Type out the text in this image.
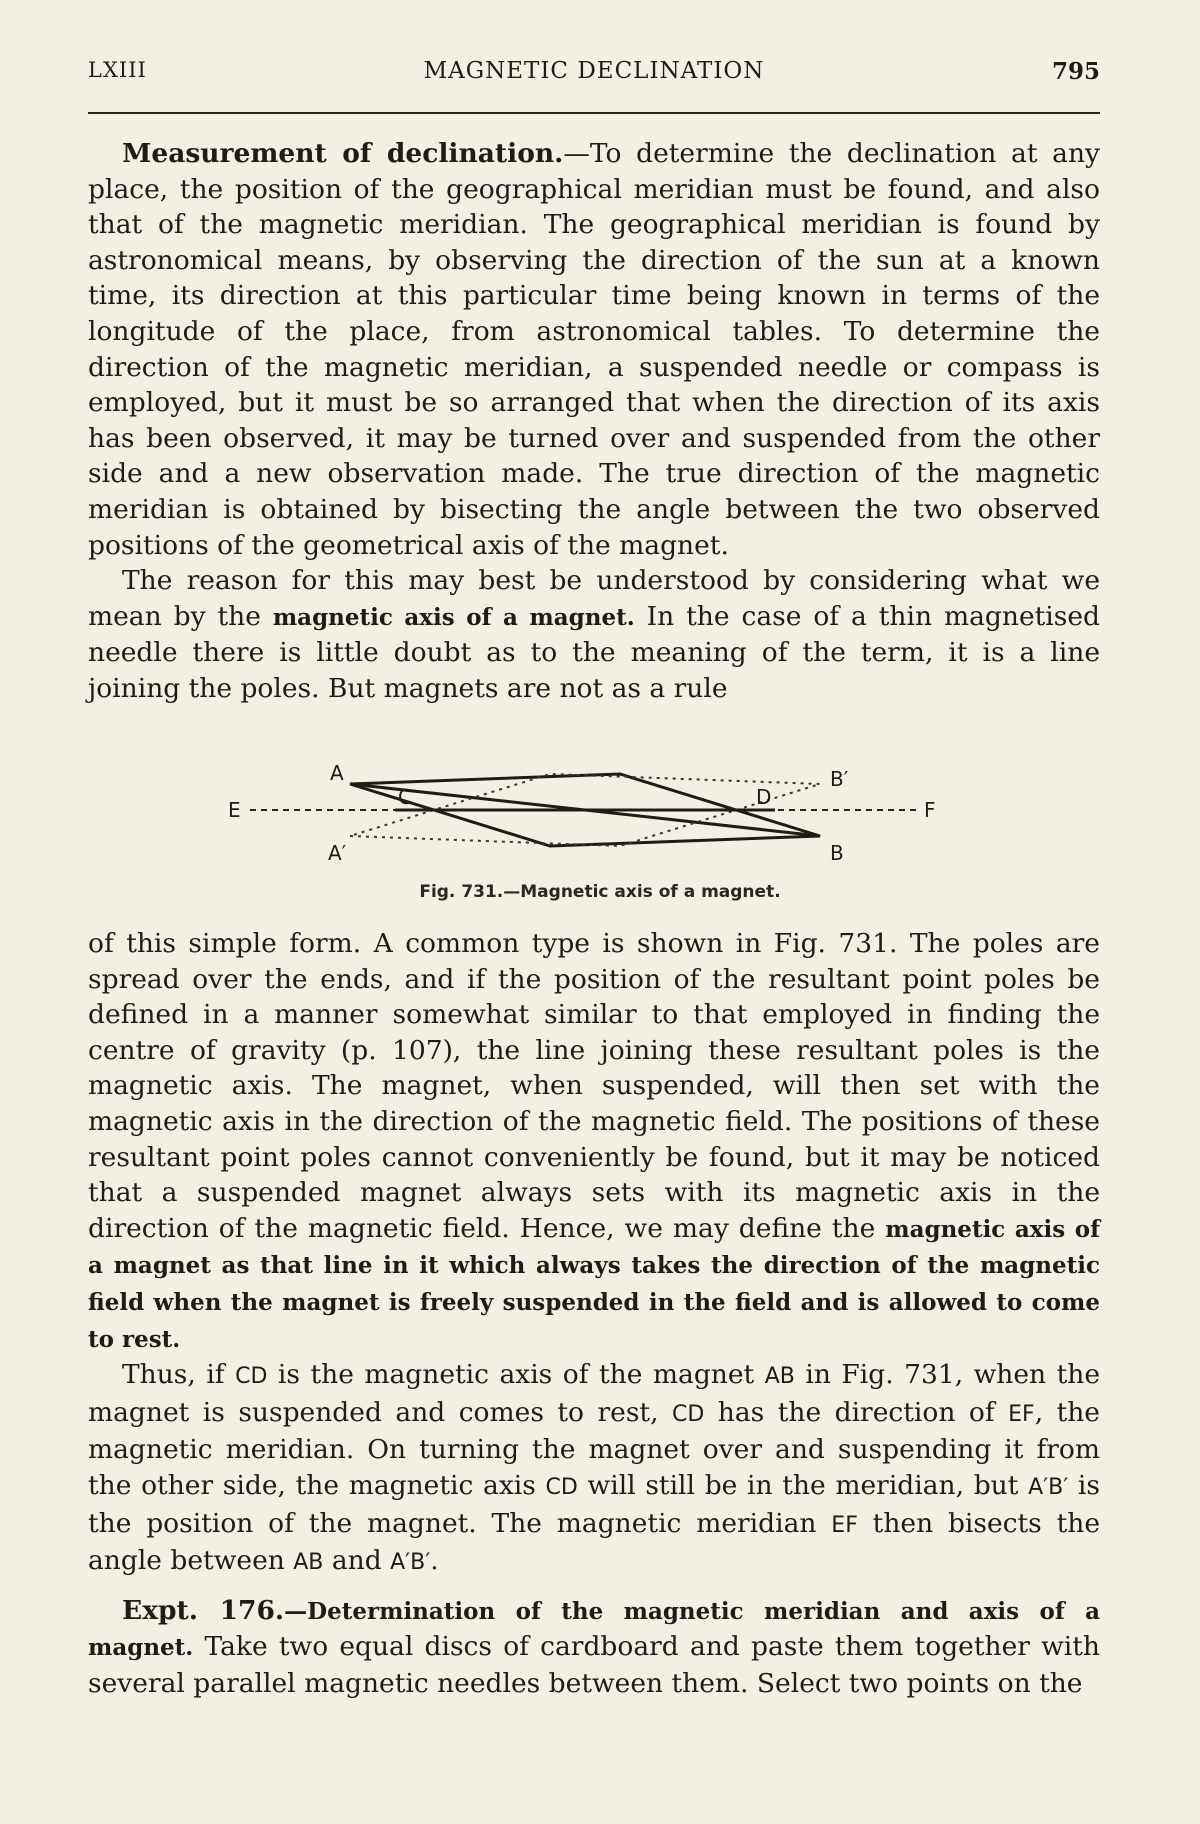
LXIII	MAGNETIC DECLINATION	795

Measurement of declination.—To determine the declination at any place, the position of the geographical meridian must be found, and also that of the magnetic meridian. The geographical meridian is found by astronomical means, by observing the direction of the sun at a known time, its direction at this particular time being known in terms of the longitude of the place, from astronomical tables. To determine the direction of the magnetic meridian, a suspended needle or compass is employed, but it must be so arranged that when the direction of its axis has been observed, it may be turned over and suspended from the other side and a new observation made. The true direction of the magnetic meridian is obtained by bisecting the angle between the two observed positions of the geometrical axis of the magnet.

The reason for this may best be understood by considering what we mean by the magnetic axis of a magnet. In the case of a thin magnetised needle there is little doubt as to the meaning of the term, it is a line joining the poles. But magnets are not as a rule

A
A′	B
B′
C	D
E	F
Fig. 731.—Magnetic axis of a magnet.

of this simple form. A common type is shown in Fig. 731. The poles are spread over the ends, and if the position of the resultant point poles be defined in a manner somewhat similar to that employed in finding the centre of gravity (p. 107), the line joining these resultant poles is the magnetic axis. The magnet, when suspended, will then set with the magnetic axis in the direction of the magnetic field. The positions of these resultant point poles cannot conveniently be found, but it may be noticed that a suspended magnet always sets with its magnetic axis in the direction of the magnetic field. Hence, we may define the magnetic axis of a magnet as that line in it which always takes the direction of the magnetic field when the magnet is freely suspended in the field and is allowed to come to rest.

Thus, if CD is the magnetic axis of the magnet AB in Fig. 731, when the magnet is suspended and comes to rest, CD has the direction of EF, the magnetic meridian. On turning the magnet over and suspending it from the other side, the magnetic axis CD will still be in the meridian, but A′B′ is the position of the magnet. The magnetic meridian EF then bisects the angle between AB and A′B′.

Expt. 176.—Determination of the magnetic meridian and axis of a magnet. Take two equal discs of cardboard and paste them together with several parallel magnetic needles between them. Select two points on the
